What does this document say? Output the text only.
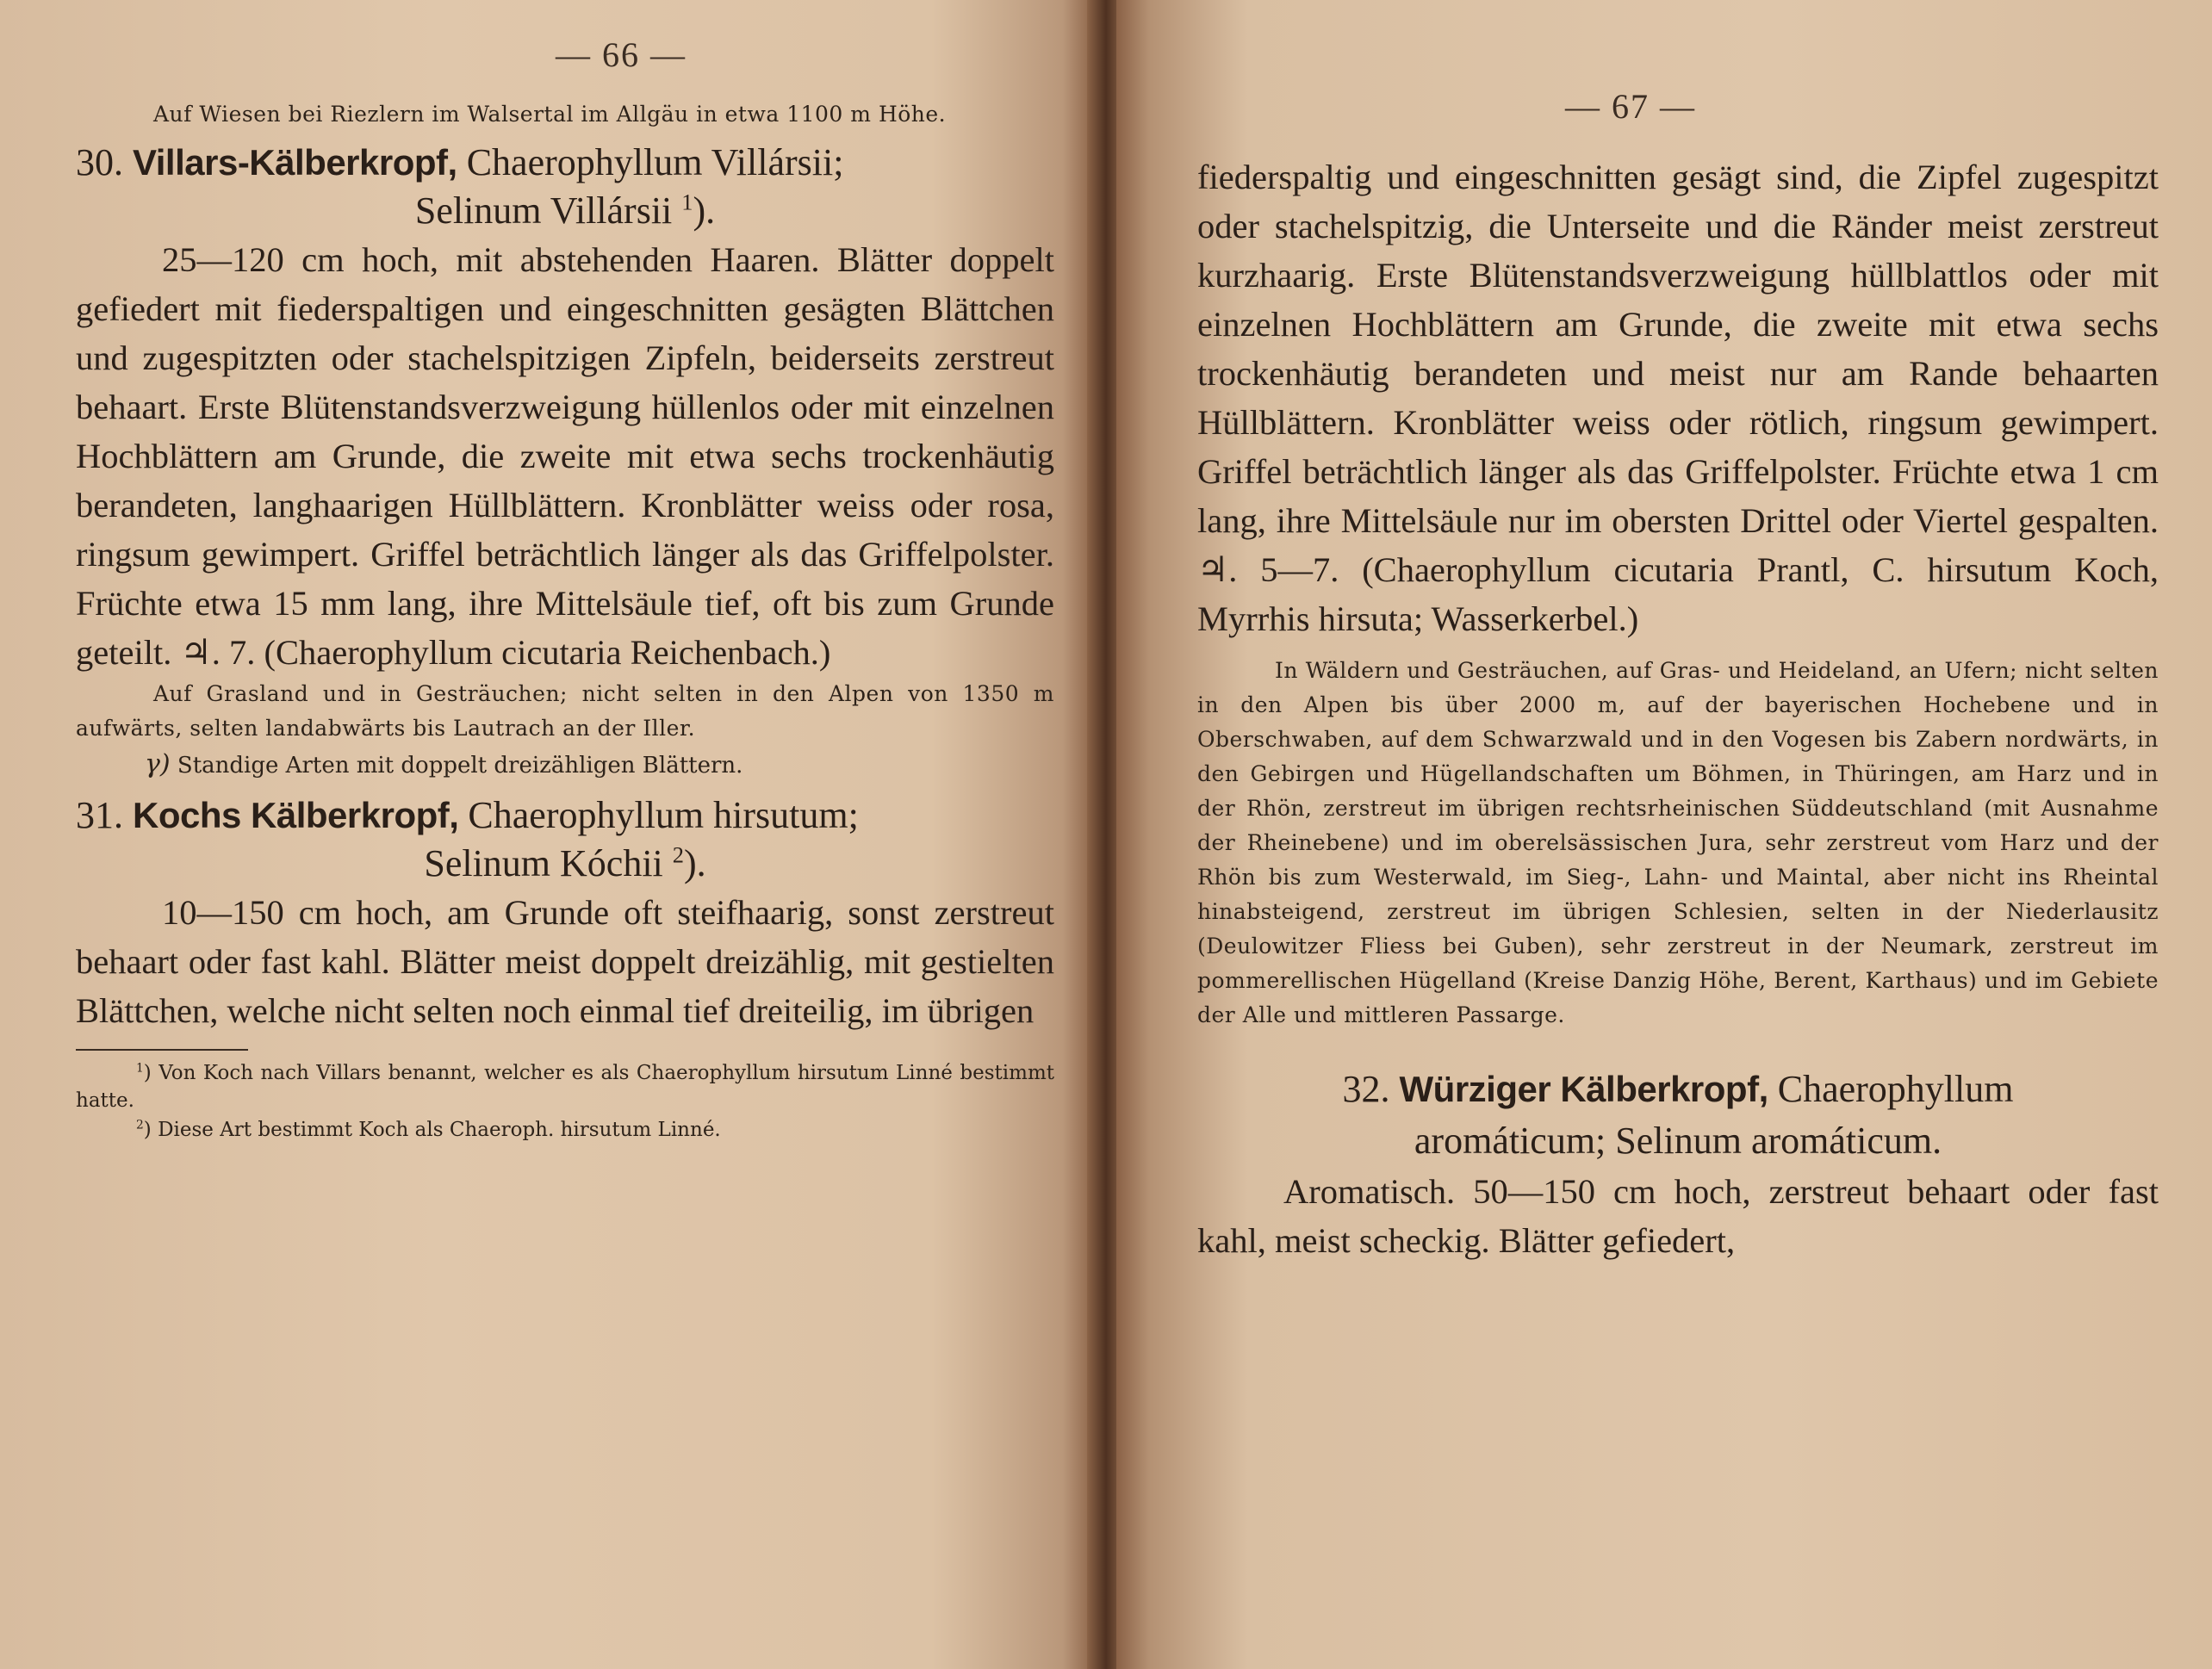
— 66 —
Auf Wiesen bei Riezlern im Walsertal im Allgäu in etwa 1100 m Höhe.
30. Villars-Kälberkropf, Chaerophyllum Villársii;
Selinum Villársii $^1$).
25—120 cm hoch, mit abstehenden Haaren. Blätter doppelt gefiedert mit fiederspaltigen und eingeschnitten gesägten Blättchen und zugespitzten oder stachelspitzigen Zipfeln, beiderseits zerstreut behaart. Erste Blütenstandsverzweigung hüllenlos oder mit einzelnen Hochblättern am Grunde, die zweite mit etwa sechs trockenhäutig berandeten, langhaarigen Hüllblättern. Kronblätter weiss oder rosa, ringsum gewimpert. Griffel beträchtlich länger als das Griffelpolster. Früchte etwa 15 mm lang, ihre Mittelsäule tief, oft bis zum Grunde geteilt. ♃. 7. (Chaerophyllum cicutaria Reichenbach.)
Auf Grasland und in Gesträuchen; nicht selten in den Alpen von 1350 m aufwärts, selten landabwärts bis Lautrach an der Iller.
γ) Standige Arten mit doppelt dreizähligen Blättern.
31. Kochs Kälberkropf, Chaerophyllum hirsutum;
Selinum Kóchii $^2$).
10—150 cm hoch, am Grunde oft steifhaarig, sonst zerstreut behaart oder fast kahl. Blätter meist doppelt dreizählig, mit gestielten Blättchen, welche nicht selten noch einmal tief dreiteilig, im übrigen
$^1$) Von Koch nach Villars benannt, welcher es als Chaerophyllum hirsutum Linné bestimmt hatte.
$^2$) Diese Art bestimmt Koch als Chaeroph. hirsutum Linné.
— 67 —
fiederspaltig und eingeschnitten gesägt sind, die Zipfel zugespitzt oder stachelspitzig, die Unterseite und die Ränder meist zerstreut kurzhaarig. Erste Blütenstandsverzweigung hüllblattlos oder mit einzelnen Hochblättern am Grunde, die zweite mit etwa sechs trockenhäutig berandeten und meist nur am Rande behaarten Hüllblättern. Kronblätter weiss oder rötlich, ringsum gewimpert. Griffel beträchtlich länger als das Griffelpolster. Früchte etwa 1 cm lang, ihre Mittelsäule nur im obersten Drittel oder Viertel gespalten. ♃. 5—7. (Chaerophyllum cicutaria Prantl, C. hirsutum Koch, Myrrhis hirsuta; Wasserkerbel.)
In Wäldern und Gesträuchen, auf Gras- und Heideland, an Ufern; nicht selten in den Alpen bis über 2000 m, auf der bayerischen Hochebene und in Oberschwaben, auf dem Schwarzwald und in den Vogesen bis Zabern nordwärts, in den Gebirgen und Hügellandschaften um Böhmen, in Thüringen, am Harz und in der Rhön, zerstreut im übrigen rechtsrheinischen Süddeutschland (mit Ausnahme der Rheinebene) und im oberelsässischen Jura, sehr zerstreut vom Harz und der Rhön bis zum Westerwald, im Sieg-, Lahn- und Maintal, aber nicht ins Rheintal hinabsteigend, zerstreut im übrigen Schlesien, selten in der Niederlausitz (Deulowitzer Fliess bei Guben), sehr zerstreut in der Neumark, zerstreut im pommerellischen Hügelland (Kreise Danzig Höhe, Berent, Karthaus) und im Gebiete der Alle und mittleren Passarge.
32. Würziger Kälberkropf, Chaerophyllum
aromáticum; Selinum aromáticum.
Aromatisch. 50—150 cm hoch, zerstreut behaart oder fast kahl, meist scheckig. Blätter gefiedert,
